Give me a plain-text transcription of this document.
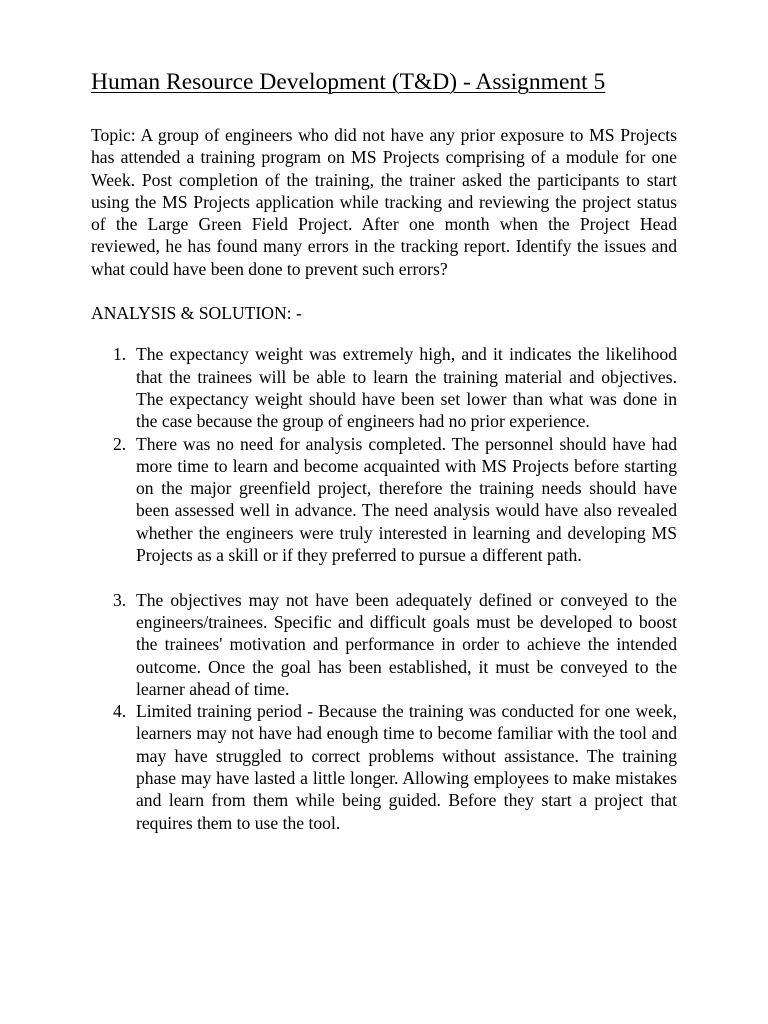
Human Resource Development (T&D) - Assignment 5

Topic: A group of engineers who did not have any prior exposure to MS Projects has attended a training program on MS Projects comprising of a module for one Week. Post completion of the training, the trainer asked the participants to start using the MS Projects application while tracking and reviewing the project status of the Large Green Field Project. After one month when the Project Head reviewed, he has found many errors in the tracking report. Identify the issues and what could have been done to prevent such errors?

ANALYSIS & SOLUTION: -
1. The expectancy weight was extremely high, and it indicates the likelihood that the trainees will be able to learn the training material and objectives. The expectancy weight should have been set lower than what was done in the case because the group of engineers had no prior experience.
2. There was no need for analysis completed. The personnel should have had more time to learn and become acquainted with MS Projects before starting on the major greenfield project, therefore the training needs should have been assessed well in advance. The need analysis would have also revealed whether the engineers were truly interested in learning and developing MS Projects as a skill or if they preferred to pursue a different path.
3. The objectives may not have been adequately defined or conveyed to the engineers/trainees. Specific and difficult goals must be developed to boost the trainees' motivation and performance in order to achieve the intended outcome. Once the goal has been established, it must be conveyed to the learner ahead of time.
4. Limited training period - Because the training was conducted for one week, learners may not have had enough time to become familiar with the tool and may have struggled to correct problems without assistance. The training phase may have lasted a little longer. Allowing employees to make mistakes and learn from them while being guided. Before they start a project that requires them to use the tool.
